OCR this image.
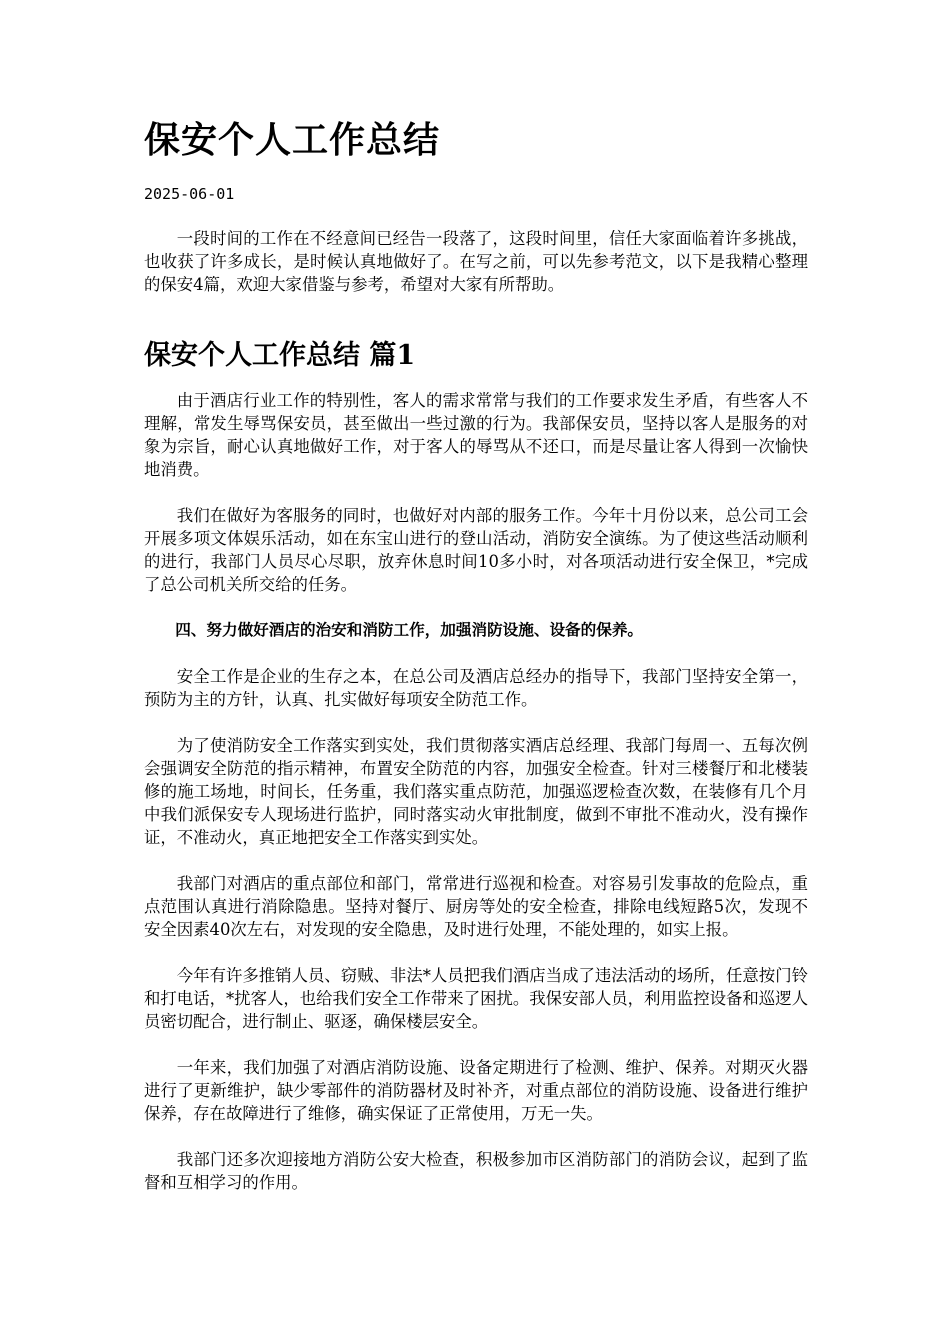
保安个人工作总结
2025-06-01

一段时间的工作在不经意间已经告一段落了，这段时间里，信任大家面临着许多挑战，也收获了许多成长，是时候认真地做好了。在写之前，可以先参考范文，以下是我精心整理的保安4篇，欢迎大家借鉴与参考，希望对大家有所帮助。

保安个人工作总结 篇1

由于酒店行业工作的特别性，客人的需求常常与我们的工作要求发生矛盾，有些客人不理解，常发生辱骂保安员，甚至做出一些过激的行为。我部保安员，坚持以客人是服务的对象为宗旨，耐心认真地做好工作，对于客人的辱骂从不还口，而是尽量让客人得到一次愉快地消费。

我们在做好为客服务的同时，也做好对内部的服务工作。今年十月份以来，总公司工会开展多项文体娱乐活动，如在东宝山进行的登山活动，消防安全演练。为了使这些活动顺利的进行，我部门人员尽心尽职，放弃休息时间10多小时，对各项活动进行安全保卫，*完成了总公司机关所交给的任务。

四、努力做好酒店的治安和消防工作，加强消防设施、设备的保养。

安全工作是企业的生存之本，在总公司及酒店总经办的指导下，我部门坚持安全第一，预防为主的方针，认真、扎实做好每项安全防范工作。

为了使消防安全工作落实到实处，我们贯彻落实酒店总经理、我部门每周一、五每次例会强调安全防范的指示精神，布置安全防范的内容，加强安全检查。针对三楼餐厅和北楼装修的施工场地，时间长，任务重，我们落实重点防范，加强巡逻检查次数，在装修有几个月中我们派保安专人现场进行监护，同时落实动火审批制度，做到不审批不准动火，没有操作证，不准动火，真正地把安全工作落实到实处。

我部门对酒店的重点部位和部门，常常进行巡视和检查。对容易引发事故的危险点，重点范围认真进行消除隐患。坚持对餐厅、厨房等处的安全检查，排除电线短路5次，发现不安全因素40次左右，对发现的安全隐患，及时进行处理，不能处理的，如实上报。

今年有许多推销人员、窃贼、非法*人员把我们酒店当成了违法活动的场所，任意按门铃和打电话，*扰客人，也给我们安全工作带来了困扰。我保安部人员，利用监控设备和巡逻人员密切配合，进行制止、驱逐，确保楼层安全。

一年来，我们加强了对酒店消防设施、设备定期进行了检测、维护、保养。对期灭火器进行了更新维护，缺少零部件的消防器材及时补齐，对重点部位的消防设施、设备进行维护保养，存在故障进行了维修，确实保证了正常使用，万无一失。

我部门还多次迎接地方消防公安大检查，积极参加市区消防部门的消防会议，起到了监督和互相学习的作用。
